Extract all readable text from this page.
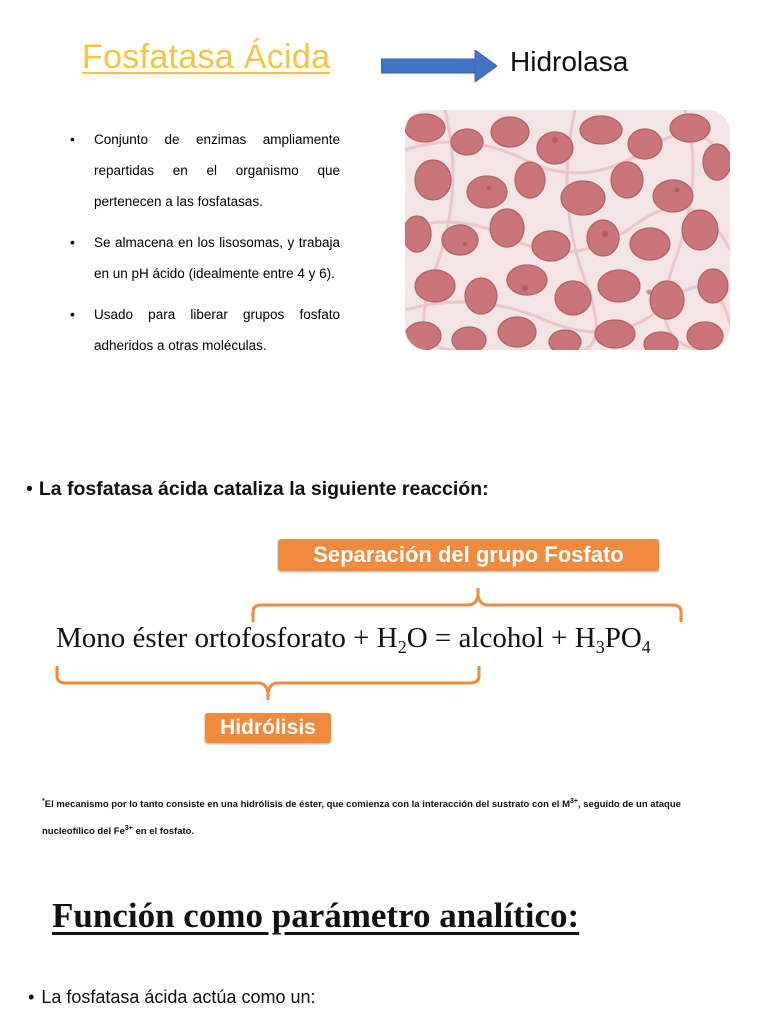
Fosfatasa Ácida	Hidrolasa
• Conjunto de enzimas ampliamente repartidas en el organismo que pertenecen a las fosfatasas.
• Se almacena en los lisosomas, y trabaja en un pH ácido (idealmente entre 4 y 6).
• Usado para liberar grupos fosfato adheridos a otras moléculas.
• La fosfatasa ácida cataliza la siguiente reacción:
Separación del grupo Fosfato
Mono éster ortofosforato + $H_2O$ = alcohol + $H_3PO_4$
Hidrólisis
*El mecanismo por lo tanto consiste en una hidrólisis de éster, que comienza con la interacción del sustrato con el $M^{3+}$, seguido de un ataque nucleofílico del $Fe^{3+}$ en el fosfato.
Función como parámetro analítico:
• La fosfatasa ácida actúa como un:
